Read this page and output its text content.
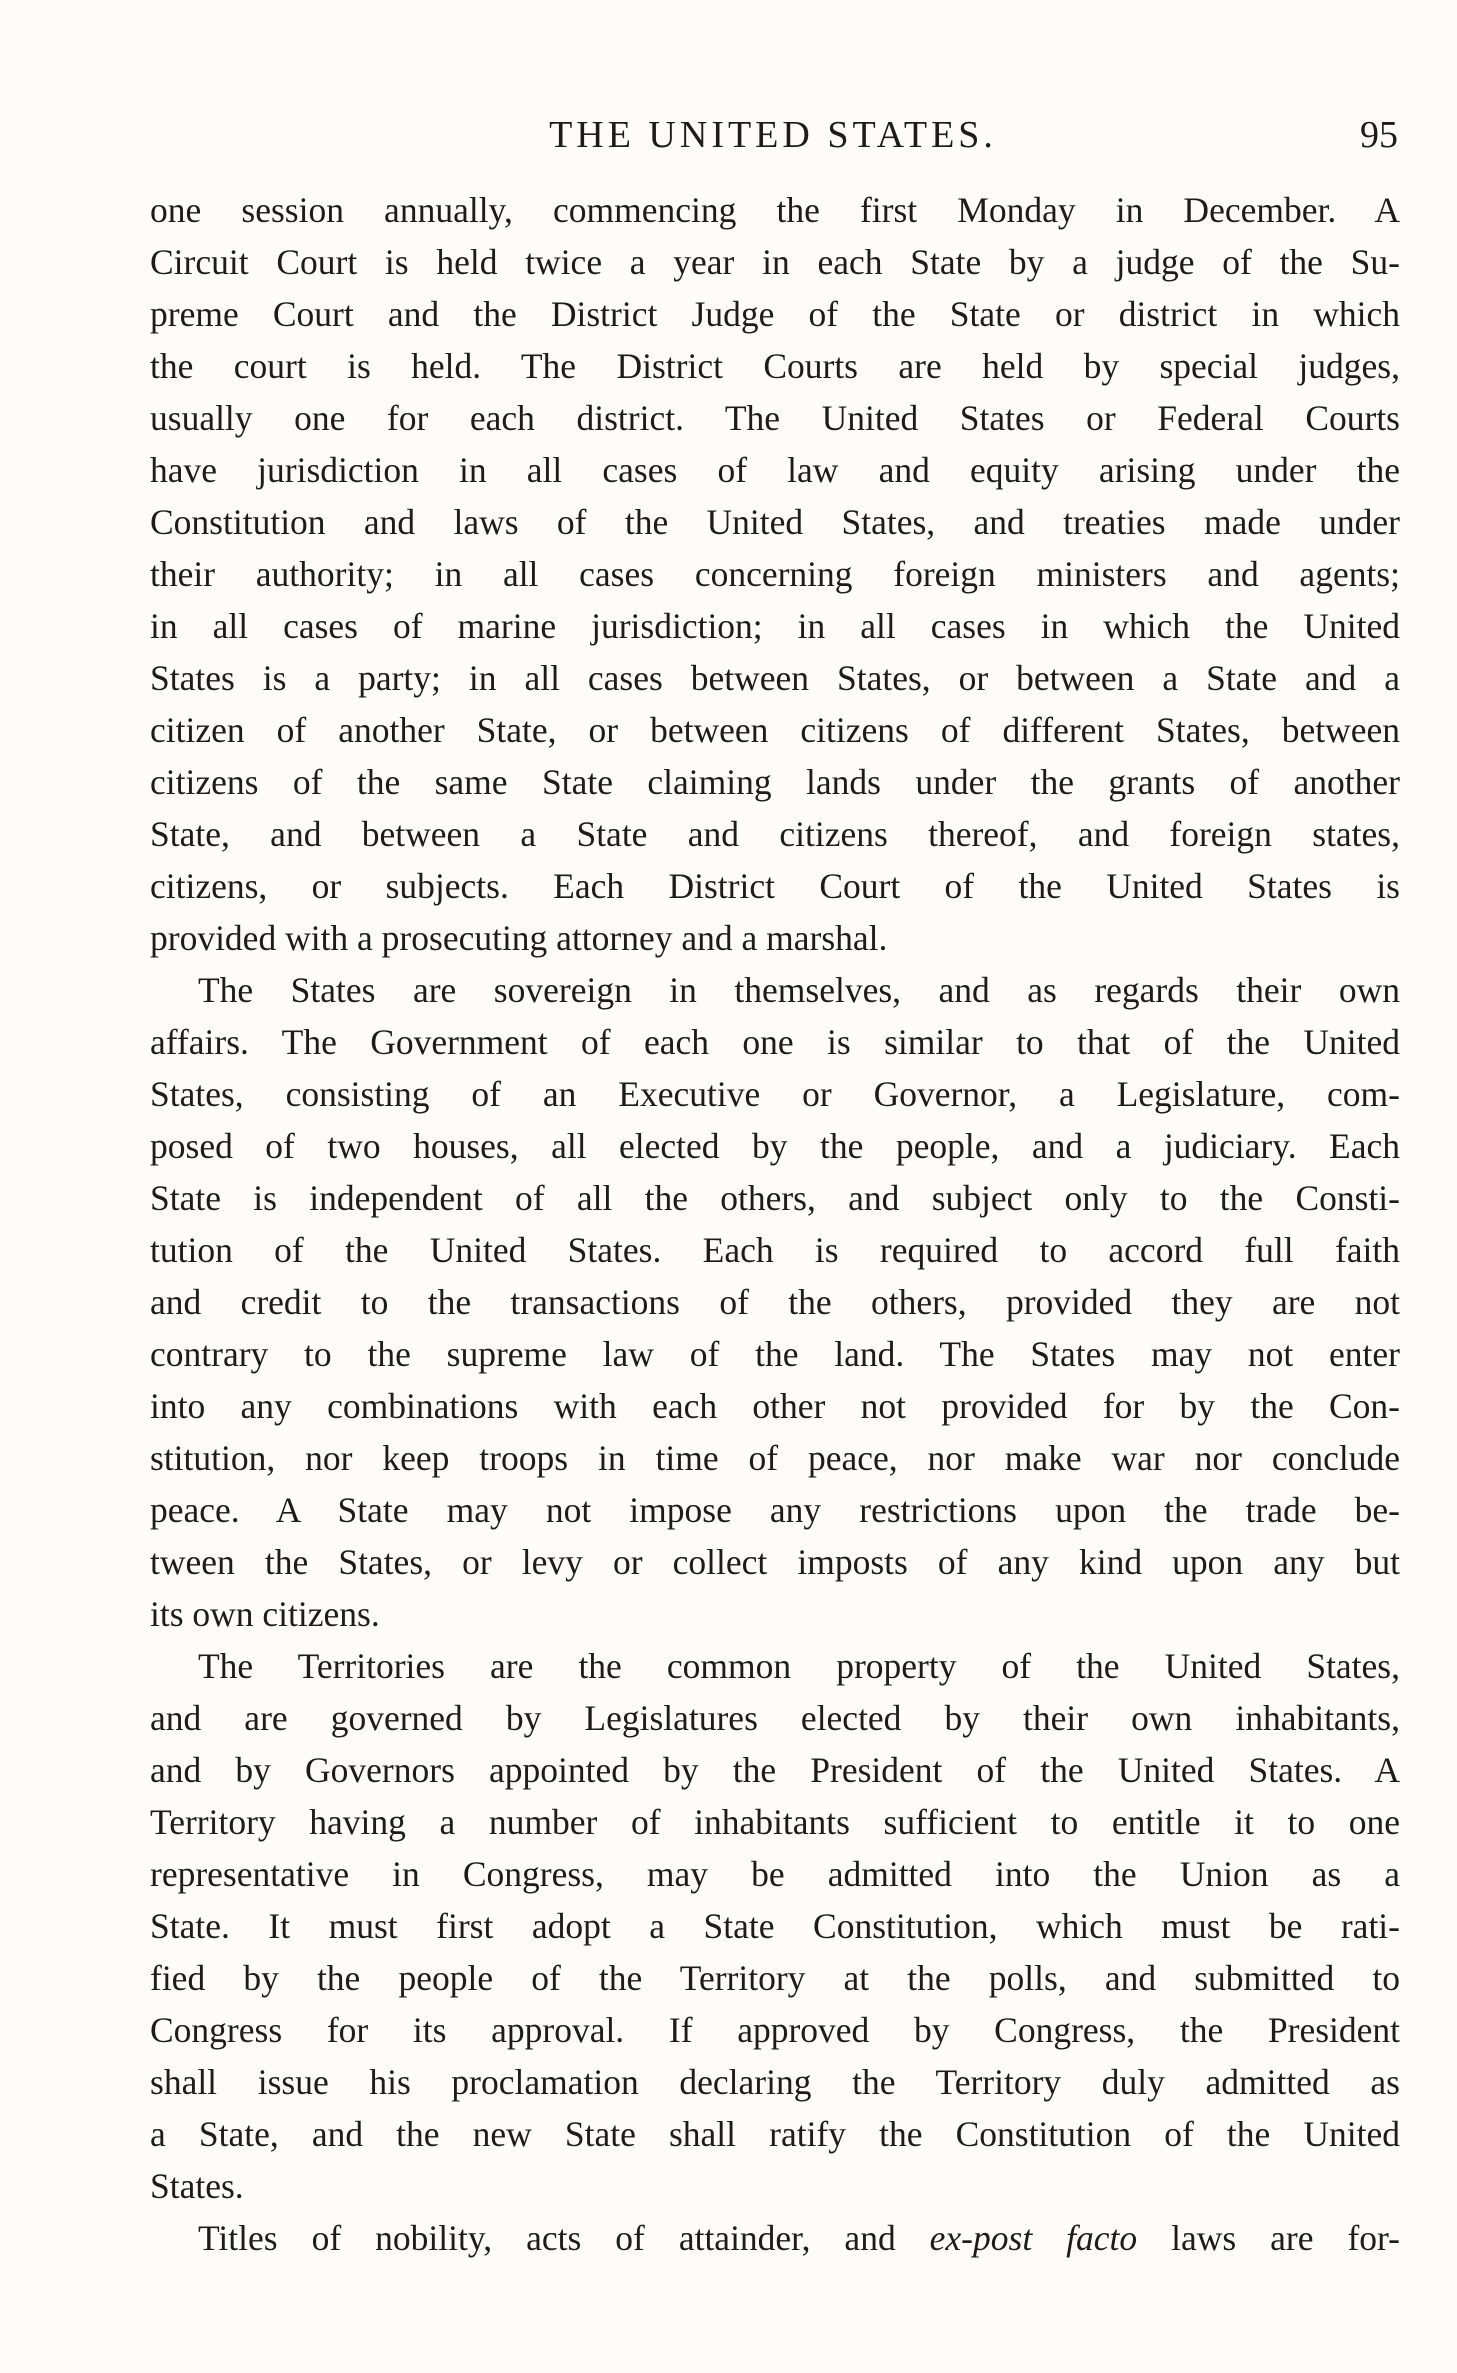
THE UNITED STATES.	95

one session annually, commencing the first Monday in December. A

Circuit Court is held twice a year in each State by a judge of the Su-

preme Court and the District Judge of the State or district in which

the court is held. The District Courts are held by special judges,

usually one for each district. The United States or Federal Courts

have jurisdiction in all cases of law and equity arising under the

Constitution and laws of the United States, and treaties made under

their authority; in all cases concerning foreign ministers and agents;

in all cases of marine jurisdiction; in all cases in which the United

States is a party; in all cases between States, or between a State and a

citizen of another State, or between citizens of different States, between

citizens of the same State claiming lands under the grants of another

State, and between a State and citizens thereof, and foreign states,

citizens, or subjects. Each District Court of the United States is

provided with a prosecuting attorney and a marshal.

The States are sovereign in themselves, and as regards their own

affairs. The Government of each one is similar to that of the United

States, consisting of an Executive or Governor, a Legislature, com-

posed of two houses, all elected by the people, and a judiciary. Each

State is independent of all the others, and subject only to the Consti-

tution of the United States. Each is required to accord full faith

and credit to the transactions of the others, provided they are not

contrary to the supreme law of the land. The States may not enter

into any combinations with each other not provided for by the Con-

stitution, nor keep troops in time of peace, nor make war nor conclude

peace. A State may not impose any restrictions upon the trade be-

tween the States, or levy or collect imposts of any kind upon any but

its own citizens.

The Territories are the common property of the United States,

and are governed by Legislatures elected by their own inhabitants,

and by Governors appointed by the President of the United States. A

Territory having a number of inhabitants sufficient to entitle it to one

representative in Congress, may be admitted into the Union as a

State. It must first adopt a State Constitution, which must be rati-

fied by the people of the Territory at the polls, and submitted to

Congress for its approval. If approved by Congress, the President

shall issue his proclamation declaring the Territory duly admitted as

a State, and the new State shall ratify the Constitution of the United

States.

Titles of nobility, acts of attainder, and ex-post facto laws are for-
